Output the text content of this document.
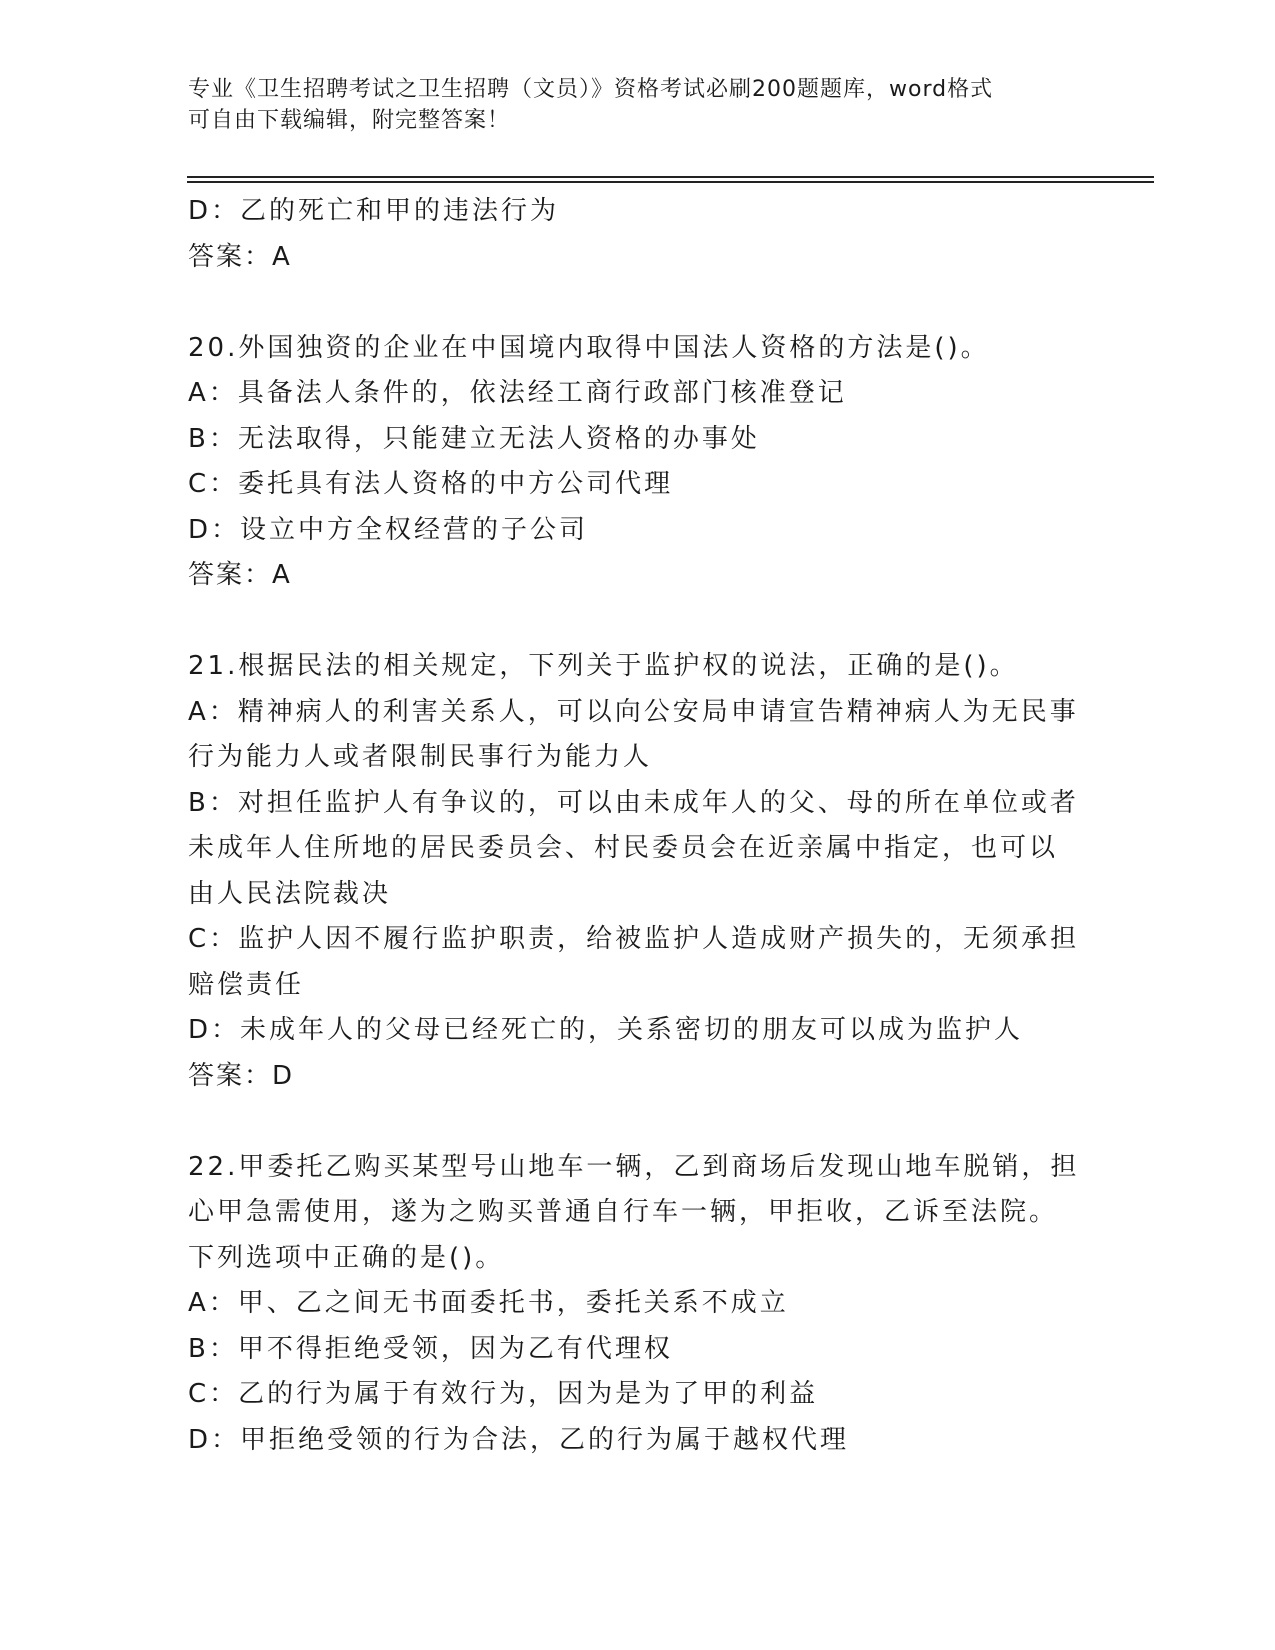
专业《卫生招聘考试之卫生招聘（文员）》资格考试必刷200题题库，word格式
可自由下载编辑，附完整答案！
D：乙的死亡和甲的违法行为
答案：A
20.外国独资的企业在中国境内取得中国法人资格的方法是()。
A：具备法人条件的，依法经工商行政部门核准登记
B：无法取得，只能建立无法人资格的办事处
C：委托具有法人资格的中方公司代理
D：设立中方全权经营的子公司
答案：A
21.根据民法的相关规定，下列关于监护权的说法，正确的是()。
A：精神病人的利害关系人，可以向公安局申请宣告精神病人为无民事
行为能力人或者限制民事行为能力人
B：对担任监护人有争议的，可以由未成年人的父、母的所在单位或者
未成年人住所地的居民委员会、村民委员会在近亲属中指定，也可以
由人民法院裁决
C：监护人因不履行监护职责，给被监护人造成财产损失的，无须承担
赔偿责任
D：未成年人的父母已经死亡的，关系密切的朋友可以成为监护人
答案：D
22.甲委托乙购买某型号山地车一辆，乙到商场后发现山地车脱销，担
心甲急需使用，遂为之购买普通自行车一辆，甲拒收，乙诉至法院。
下列选项中正确的是()。
A：甲、乙之间无书面委托书，委托关系不成立
B：甲不得拒绝受领，因为乙有代理权
C：乙的行为属于有效行为，因为是为了甲的利益
D：甲拒绝受领的行为合法，乙的行为属于越权代理
